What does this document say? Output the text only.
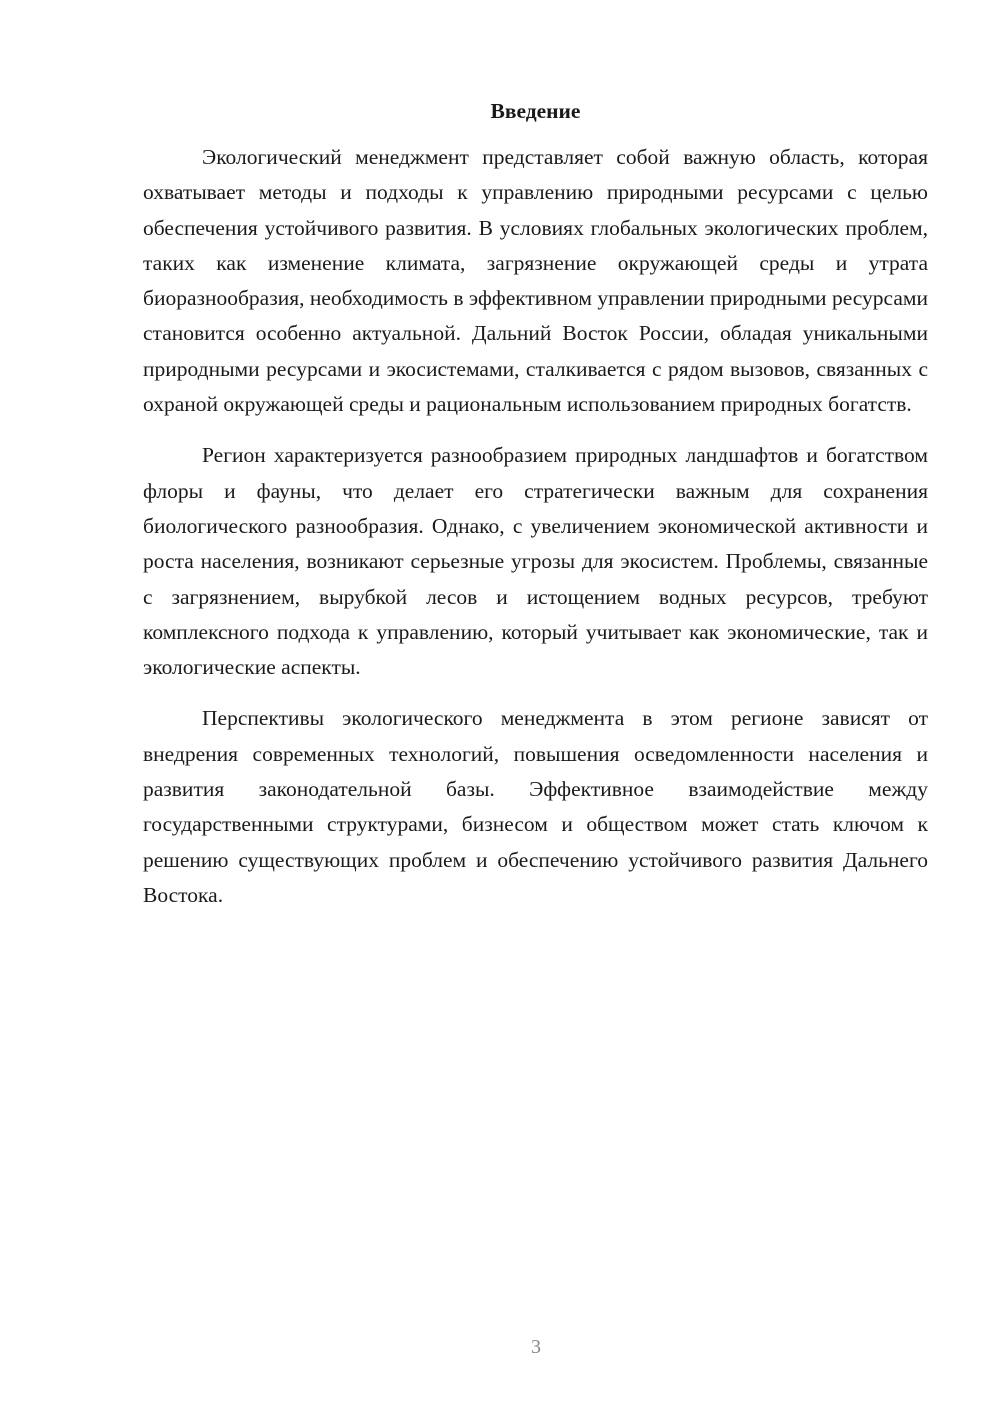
Введение

Экологический менеджмент представляет собой важную область, которая охватывает методы и подходы к управлению природными ресурсами с целью обеспечения устойчивого развития. В условиях глобальных экологических проблем, таких как изменение климата, загрязнение окружающей среды и утрата биоразнообразия, необходимость в эффективном управлении природными ресурсами становится особенно актуальной. Дальний Восток России, обладая уникальными природными ресурсами и экосистемами, сталкивается с рядом вызовов, связанных с охраной окружающей среды и рациональным использованием природных богатств.

Регион характеризуется разнообразием природных ландшафтов и богатством флоры и фауны, что делает его стратегически важным для сохранения биологического разнообразия. Однако, с увеличением экономической активности и роста населения, возникают серьезные угрозы для экосистем. Проблемы, связанные с загрязнением, вырубкой лесов и истощением водных ресурсов, требуют комплексного подхода к управлению, который учитывает как экономические, так и экологические аспекты.

Перспективы экологического менеджмента в этом регионе зависят от внедрения современных технологий, повышения осведомленности населения и развития законодательной базы. Эффективное взаимодействие между государственными структурами, бизнесом и обществом может стать ключом к решению существующих проблем и обеспечению устойчивого развития Дальнего Востока.

3
